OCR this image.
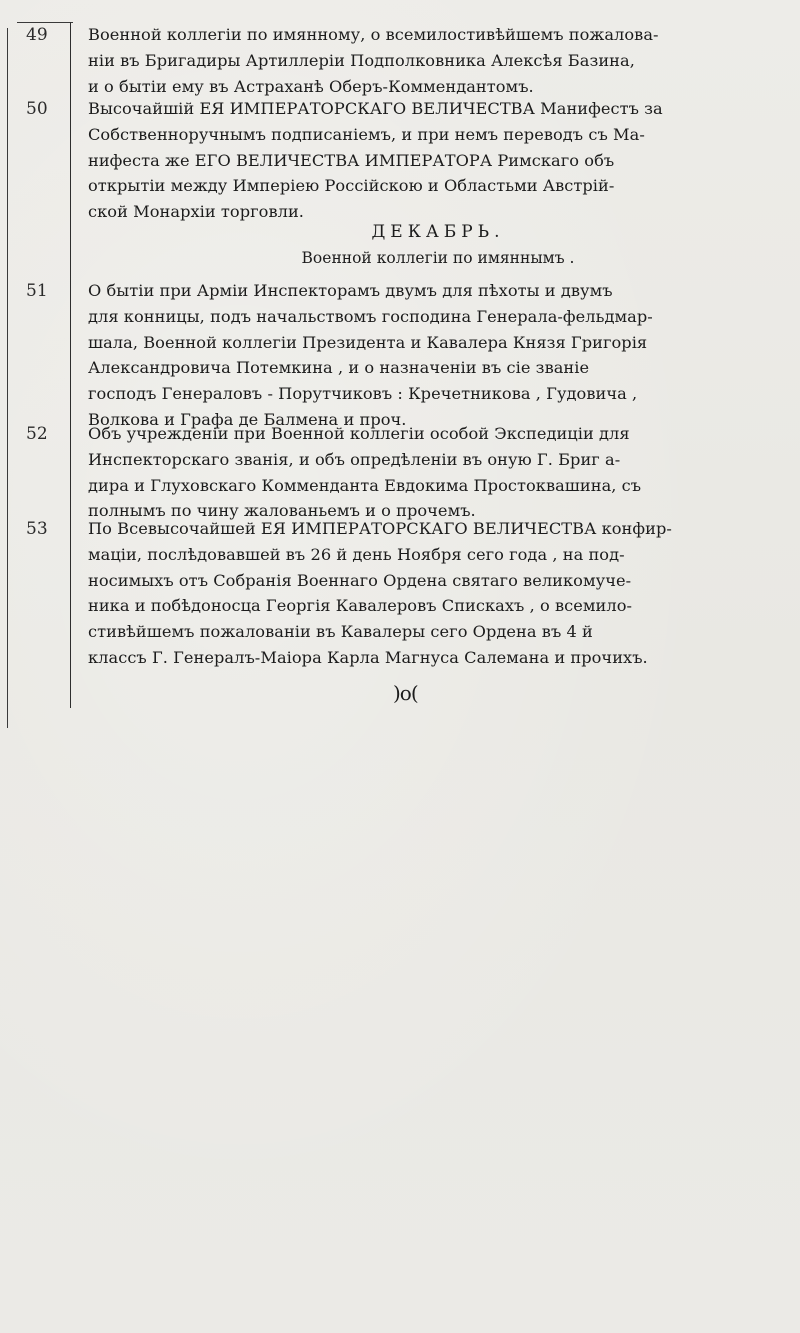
49	Военной коллегіи по имянному, о всемилостивѣйшемъ пожалова-
ніи въ Бригадиры Артиллеріи Подполковника Алексѣя Базина,
и о бытіи ему въ Астраханѣ Оберъ-Коммендантомъ.
50	Высочайшій ЕЯ ИМПЕРАТОРСКАГО ВЕЛИЧЕСТВА Манифестъ за
Собственноручнымъ подписаніемъ, и при немъ переводъ съ Ма-
нифеста же ЕГО ВЕЛИЧЕСТВА ИМПЕРАТОРА Римскаго объ
открытіи между Имперіею Россійскою и Областьми Австрій-
ской Монархіи торговли.
ДЕКАБРЬ.
Военной коллегіи по имяннымъ .
51	О бытіи при Арміи Инспекторамъ двумъ для пѣхоты и двумъ
для конницы, подъ начальствомъ господина Генерала-фельдмар-
шала, Военной коллегіи Президента и Кавалера Князя Григорія
Александровича Потемкина , и о назначеніи въ сіе званіе
господъ Генераловъ - Порутчиковъ : Кречетникова , Гудовича ,
Волкова и Графа де Балмена и проч.
52	Объ учрежденіи при Военной коллегіи особой Экспедиціи для
Инспекторскаго званія, и объ опредѣленіи въ оную Г. Бриг а-
дира и Глуховскаго Комменданта Евдокима Простоквашина, съ
полнымъ по чину жалованьемъ и о прочемъ.
53	По Всевысочайшей ЕЯ ИМПЕРАТОРСКАГО ВЕЛИЧЕСТВА конфир-
маціи, послѣдовавшей въ 26 й день Ноября сего года , на под-
носимыхъ отъ Собранія Военнаго Ордена святаго великомуче-
ника и побѣдоносца Георгія Кавалеровъ Спискахъ , о всемило-
стивѣйшемъ пожалованіи въ Кавалеры сего Ордена въ 4 й
классъ Г. Генералъ-Маіора Карла Магнуса Салемана и прочихъ.
)o(
